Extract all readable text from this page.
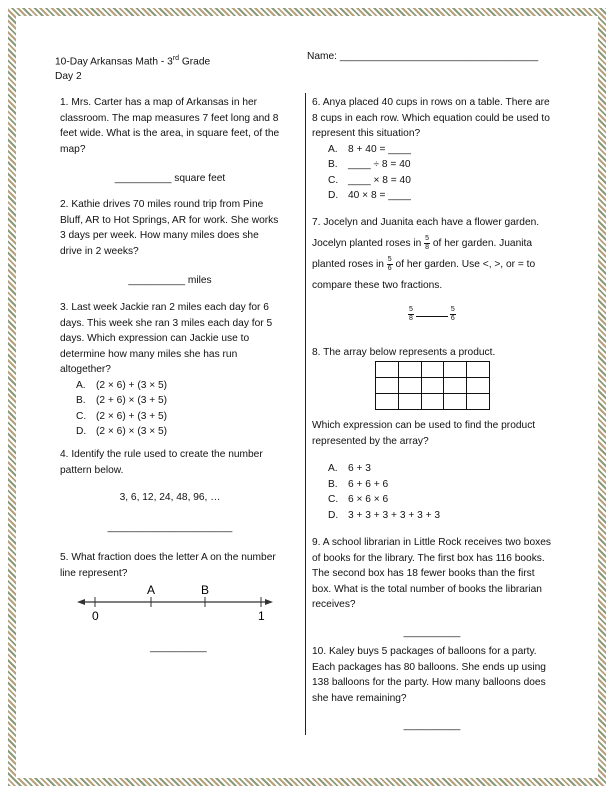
10-Day Arkansas Math - 3rd Grade
Day 2
Name: ___________________________________
1. Mrs. Carter has a map of Arkansas in her classroom. The map measures 7 feet long and 8 feet wide. What is the area, in square feet, of the map?
__________ square feet
2. Kathie drives 70 miles round trip from Pine Bluff, AR to Hot Springs, AR for work. She works 3 days per week. How many miles does she drive in 2 weeks?
__________ miles
3. Last week Jackie ran 2 miles each day for 6 days. This week she ran 3 miles each day for 5 days. Which expression can Jackie use to determine how many miles she has run altogether?
A. (2 × 6) + (3 × 5)
B. (2 + 6) × (3 + 5)
C. (2 × 6) + (3 + 5)
D. (2 × 6) × (3 × 5)
4. Identify the rule used to create the number pattern below.
3, 6, 12, 24, 48, 96, …
______________________
5. What fraction does the letter A on the number line represent?
A	B
0	1
__________
6. Anya placed 40 cups in rows on a table. There are 8 cups in each row. Which equation could be used to represent this situation?
A. 8 + 40 = ____
B. ____ ÷ 8 = 40
C. ____ × 8 = 40
D. 40 × 8 = ____
7. Jocelyn and Juanita each have a flower garden. Jocelyn planted roses in $\frac{5}{8}$ of her garden. Juanita planted roses in $\frac{5}{6}$ of her garden. Use <, >, or = to compare these two fractions.
$\frac{5}{8}$	$\frac{5}{6}$
8. The array below represents a product.

Which expression can be used to find the product represented by the array?
A. 6 + 3
B. 6 + 6 + 6
C. 6 × 6 × 6
D. 3 + 3 + 3 + 3 + 3 + 3
9. A school librarian in Little Rock receives two boxes of books for the library. The first box has 116 books. The second box has 18 fewer books than the first box. What is the total number of books the librarian receives?
__________
10. Kaley buys 5 packages of balloons for a party. Each packages has 80 balloons. She ends up using 138 balloons for the party. How many balloons does she have remaining?
__________
